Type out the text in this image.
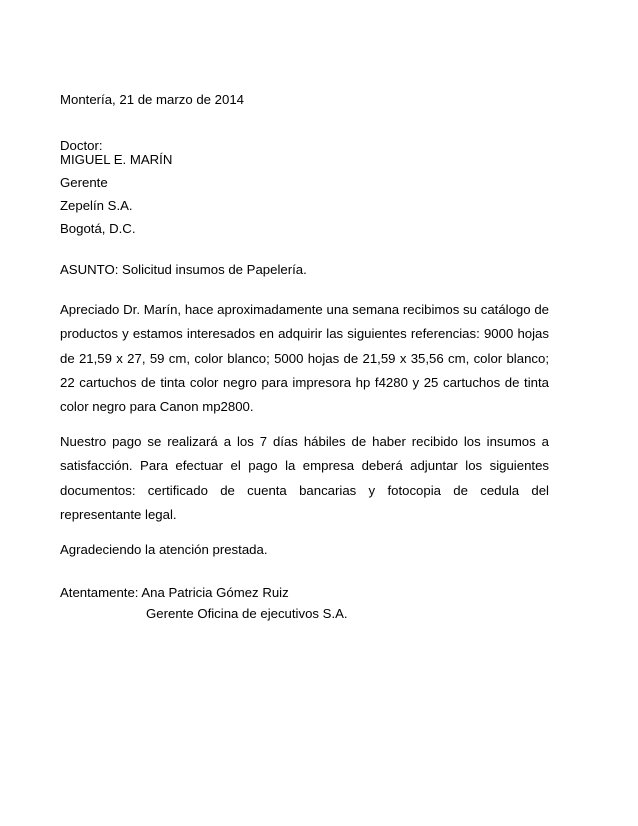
Montería, 21 de marzo de 2014
Doctor:
MIGUEL E. MARÍN
Gerente
Zepelín S.A.
Bogotá, D.C.
ASUNTO: Solicitud insumos de Papelería.
Apreciado Dr. Marín, hace aproximadamente una semana recibimos su catálogo de productos y estamos interesados en adquirir las siguientes referencias: 9000 hojas de 21,59 x 27, 59 cm, color blanco; 5000 hojas de 21,59 x 35,56 cm, color blanco; 22 cartuchos de tinta color negro para impresora hp f4280 y 25 cartuchos de tinta color negro para Canon mp2800.
Nuestro pago se realizará a los 7 días hábiles de haber recibido los insumos a satisfacción. Para efectuar el pago la empresa deberá adjuntar los siguientes documentos: certificado de cuenta bancarias y fotocopia de cedula del representante legal.
Agradeciendo la atención prestada.
Atentamente: Ana Patricia Gómez Ruiz
Gerente Oficina de ejecutivos S.A.
